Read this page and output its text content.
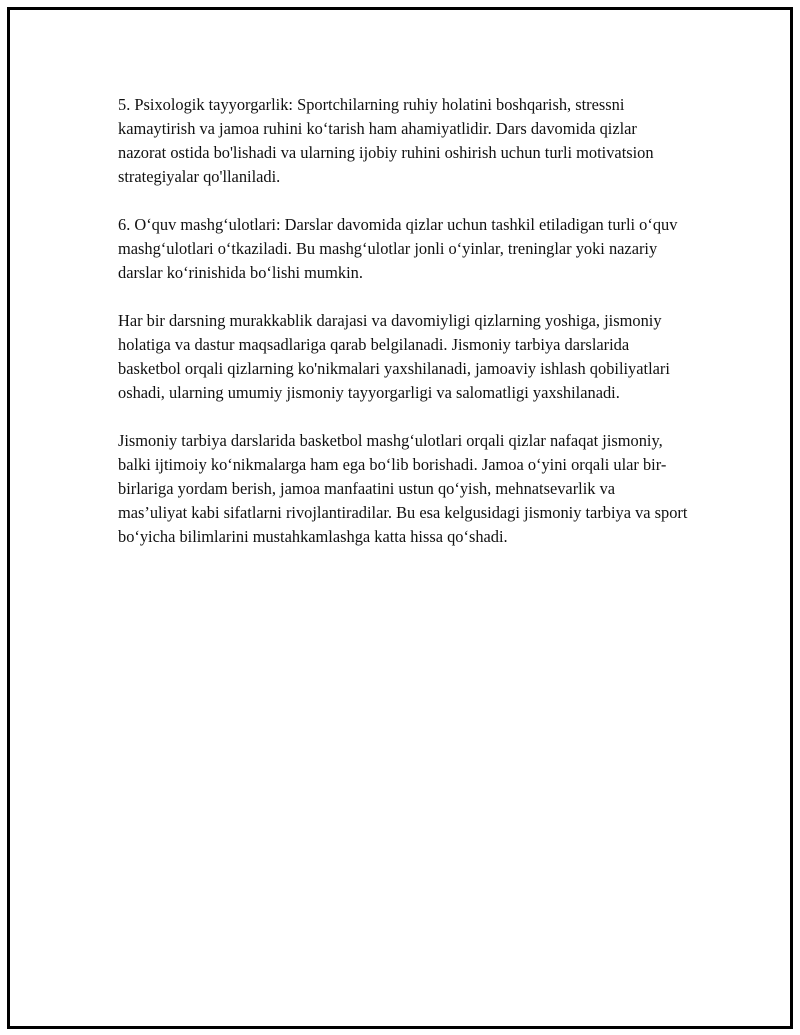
5. Psixologik tayyorgarlik: Sportchilarning ruhiy holatini boshqarish, stressni kamaytirish va jamoa ruhini ko‘tarish ham ahamiyatlidir. Dars davomida qizlar nazorat ostida bo'lishadi va ularning ijobiy ruhini oshirish uchun turli motivatsion strategiyalar qo'llaniladi.

6. O‘quv mashg‘ulotlari: Darslar davomida qizlar uchun tashkil etiladigan turli o‘quv mashg‘ulotlari o‘tkaziladi. Bu mashg‘ulotlar jonli o‘yinlar, treninglar yoki nazariy darslar ko‘rinishida bo‘lishi mumkin.

Har bir darsning murakkablik darajasi va davomiyligi qizlarning yoshiga, jismoniy holatiga va dastur maqsadlariga qarab belgilanadi. Jismoniy tarbiya darslarida basketbol orqali qizlarning ko'nikmalari yaxshilanadi, jamoaviy ishlash qobiliyatlari oshadi, ularning umumiy jismoniy tayyorgarligi va salomatligi yaxshilanadi.

Jismoniy tarbiya darslarida basketbol mashg‘ulotlari orqali qizlar nafaqat jismoniy, balki ijtimoiy ko‘nikmalarga ham ega bo‘lib borishadi. Jamoa o‘yini orqali ular bir-birlariga yordam berish, jamoa manfaatini ustun qo‘yish, mehnatsevarlik va mas’uliyat kabi sifatlarni rivojlantiradilar. Bu esa kelgusidagi jismoniy tarbiya va sport bo‘yicha bilimlarini mustahkamlashga katta hissa qo‘shadi.
